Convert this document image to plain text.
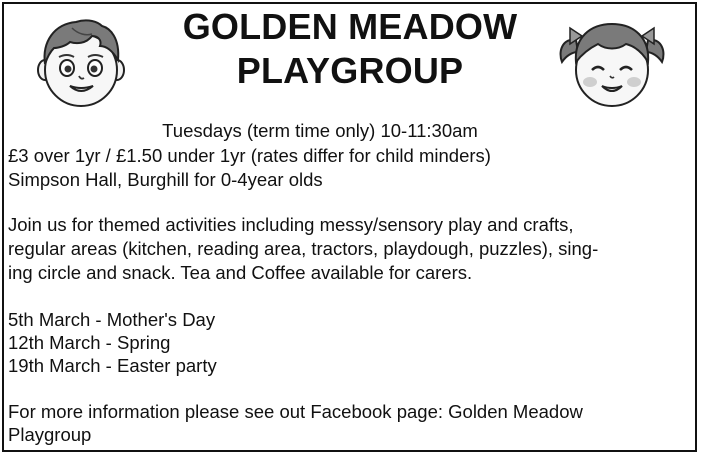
GOLDEN MEADOW
PLAYGROUP
Tuesdays (term time only) 10-11:30am
£3 over 1yr / £1.50 under 1yr (rates differ for child minders)
Simpson Hall, Burghill for 0-4year olds
Join us for themed activities including messy/sensory play and crafts,
regular areas (kitchen, reading area, tractors, playdough, puzzles), sing-
ing circle and snack. Tea and Coffee available for carers.
5th March - Mother's Day
12th March - Spring
19th March - Easter party
For more information please see out Facebook page: Golden Meadow
Playgroup
